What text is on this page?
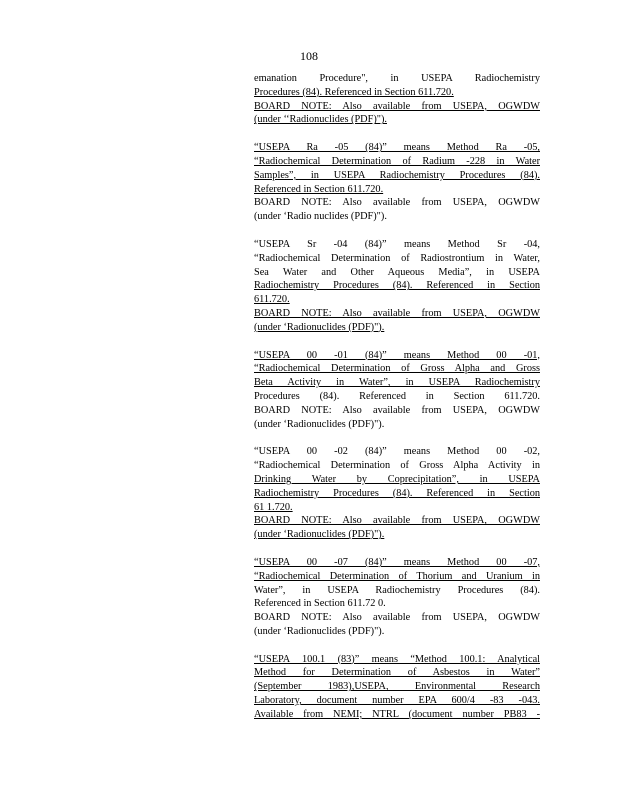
108
emanation Procedure", in USEPA Radiochemistry
Procedures (84). Referenced in Section 611.720.
BOARD NOTE: Also available from USEPA, OGWDW
(under ‘‘Radionuclides (PDF)").
“USEPA Ra -05 (84)” means Method Ra -05,
“Radiochemical Determination of Radium -228 in Water
Samples”, in USEPA Radiochemistry Procedures (84).
Referenced in Section 611.720.
BOARD NOTE: Also available from USEPA, OGWDW
(under ‘Radio nuclides (PDF)").
“USEPA Sr -04 (84)” means Method Sr -04,
“Radiochemical Determination of Radiostrontium in Water,
Sea Water and Other Aqueous Media”, in USEPA
Radiochemistry Procedures (84). Referenced in Section
611.720.
BOARD NOTE: Also available from USEPA, OGWDW
(under ‘Radionuclides (PDF)").
“USEPA 00 -01 (84)” means Method 00 -01,
“Radiochemical Determination of Gross Alpha and Gross
Beta Activity in Water”, in USEPA Radiochemistry
Procedures (84). Referenced in Section 611.720.
BOARD NOTE: Also available from USEPA, OGWDW
(under ‘Radionuclides (PDF)").
“USEPA 00 -02 (84)” means Method 00 -02,
“Radiochemical Determination of Gross Alpha Activity in
Drinking Water by Coprecipitation”, in USEPA
Radiochemistry Procedures (84). Referenced in Section
61 1.720.
BOARD NOTE: Also available from USEPA, OGWDW
(under ‘Radionuclides (PDF)").
“USEPA 00 -07 (84)” means Method 00 -07,
“Radiochemical Determination of Thorium and Uranium in
Water”, in USEPA Radiochemistry Procedures (84).
Referenced in Section 611.72 0.
BOARD NOTE: Also available from USEPA, OGWDW
(under ‘Radionuclides (PDF)").
“USEPA 100.1 (83)” means “Method 100.1: Analytical
Method for Determination of Asbestos in Water”
(September 1983),USEPA, Environmental Research
Laboratory, document number EPA 600/4 -83 -043.
Available from NEMI; NTRL (document number PB83 -
